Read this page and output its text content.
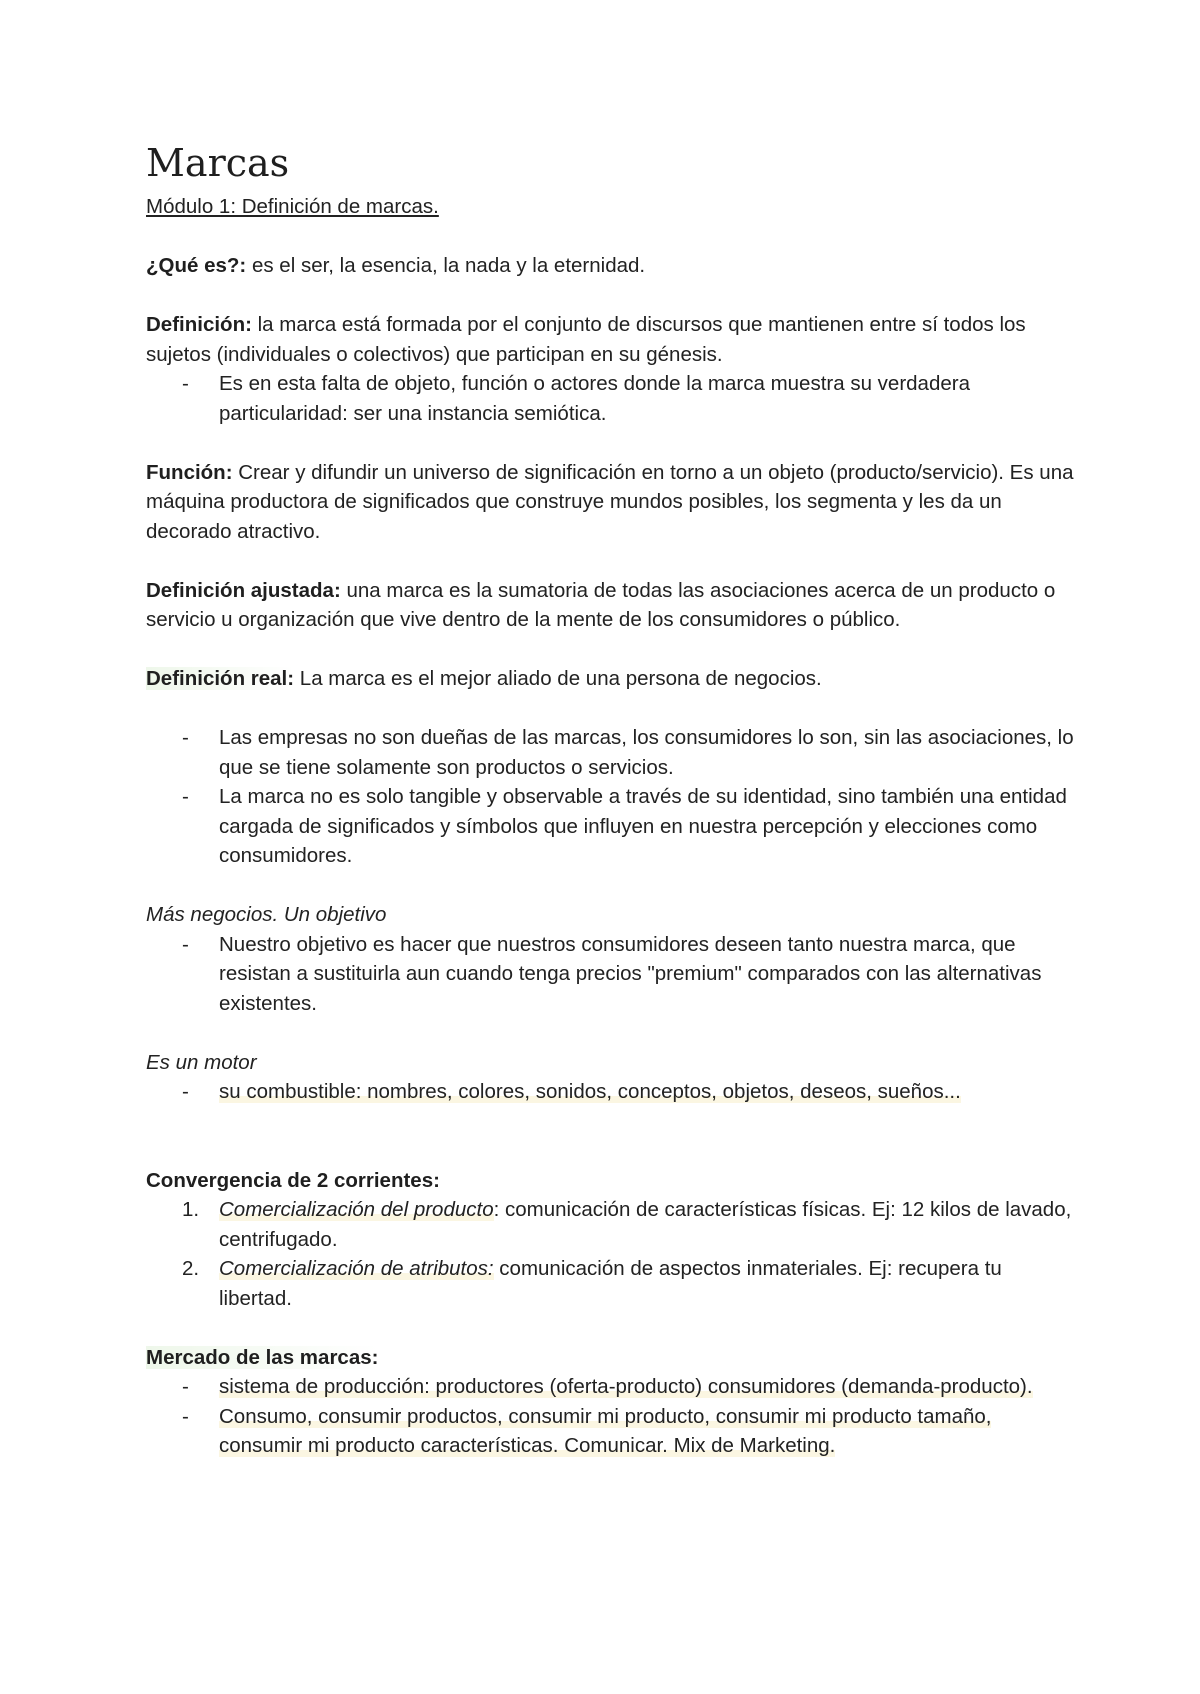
Marcas

Módulo 1: Definición de marcas.

¿Qué es?: es el ser, la esencia, la nada y la eternidad.

Definición: la marca está formada por el conjunto de discursos que mantienen entre sí todos los sujetos (individuales o colectivos) que participan en su génesis.

- Es en esta falta de objeto, función o actores donde la marca muestra su verdadera particularidad: ser una instancia semiótica.

Función: Crear y difundir un universo de significación en torno a un objeto (producto/servicio). Es una máquina productora de significados que construye mundos posibles, los segmenta y les da un decorado atractivo.

Definición ajustada: una marca es la sumatoria de todas las asociaciones acerca de un producto o servicio u organización que vive dentro de la mente de los consumidores o público.

Definición real: La marca es el mejor aliado de una persona de negocios.

- Las empresas no son dueñas de las marcas, los consumidores lo son, sin las asociaciones, lo que se tiene solamente son productos o servicios.
- La marca no es solo tangible y observable a través de su identidad, sino también una entidad cargada de significados y símbolos que influyen en nuestra percepción y elecciones como consumidores.

Más negocios. Un objetivo

- Nuestro objetivo es hacer que nuestros consumidores deseen tanto nuestra marca, que resistan a sustituirla aun cuando tenga precios "premium" comparados con las alternativas existentes.

Es un motor

- su combustible: nombres, colores, sonidos, conceptos, objetos, deseos, sueños...

Convergencia de 2 corrientes:

1. Comercialización del producto: comunicación de características físicas. Ej: 12 kilos de lavado, centrifugado.
2. Comercialización de atributos: comunicación de aspectos inmateriales. Ej: recupera tu libertad.

Mercado de las marcas:

- sistema de producción: productores (oferta-producto) consumidores (demanda-producto).
- Consumo, consumir productos, consumir mi producto, consumir mi producto tamaño, consumir mi producto características. Comunicar. Mix de Marketing.
